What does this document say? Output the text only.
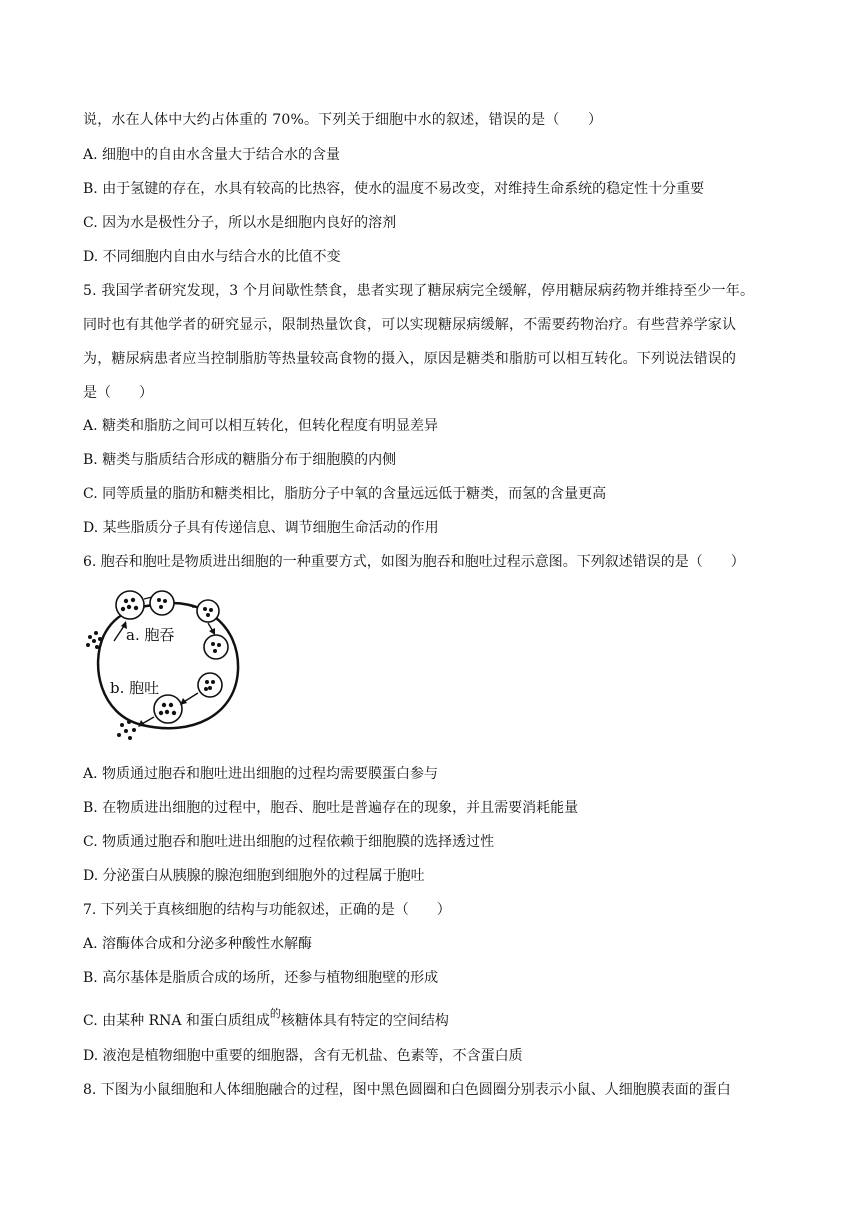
说，水在人体中大约占体重的 70%。下列关于细胞中水的叙述，错误的是（　　）
A. 细胞中的自由水含量大于结合水的含量
B. 由于氢键的存在，水具有较高的比热容，使水的温度不易改变，对维持生命系统的稳定性十分重要
C. 因为水是极性分子，所以水是细胞内良好的溶剂
D. 不同细胞内自由水与结合水的比值不变
5. 我国学者研究发现，3 个月间歇性禁食，患者实现了糖尿病完全缓解，停用糖尿病药物并维持至少一年。
同时也有其他学者的研究显示，限制热量饮食，可以实现糖尿病缓解，不需要药物治疗。有些营养学家认
为，糖尿病患者应当控制脂肪等热量较高食物的摄入，原因是糖类和脂肪可以相互转化。下列说法错误的
是（　　）
A. 糖类和脂肪之间可以相互转化，但转化程度有明显差异
B. 糖类与脂质结合形成的糖脂分布于细胞膜的内侧
C. 同等质量的脂肪和糖类相比，脂肪分子中氧的含量远远低于糖类，而氢的含量更高
D. 某些脂质分子具有传递信息、调节细胞生命活动的作用
6. 胞吞和胞吐是物质进出细胞的一种重要方式，如图为胞吞和胞吐过程示意图。下列叙述错误的是（　　）
a. 胞吞
b. 胞吐
A. 物质通过胞吞和胞吐进出细胞的过程均需要膜蛋白参与
B. 在物质进出细胞的过程中，胞吞、胞吐是普遍存在的现象，并且需要消耗能量
C. 物质通过胞吞和胞吐进出细胞的过程依赖于细胞膜的选择透过性
D. 分泌蛋白从胰腺的腺泡细胞到细胞外的过程属于胞吐
7. 下列关于真核细胞的结构与功能叙述，正确的是（　　）
A. 溶酶体合成和分泌多种酸性水解酶
B. 高尔基体是脂质合成的场所，还参与植物细胞壁的形成
C. 由某种 RNA 和蛋白质组成$^的$核糖体具有特定的空间结构
D. 液泡是植物细胞中重要的细胞器，含有无机盐、色素等，不含蛋白质
8. 下图为小鼠细胞和人体细胞融合的过程，图中黑色圆圈和白色圆圈分别表示小鼠、人细胞膜表面的蛋白
